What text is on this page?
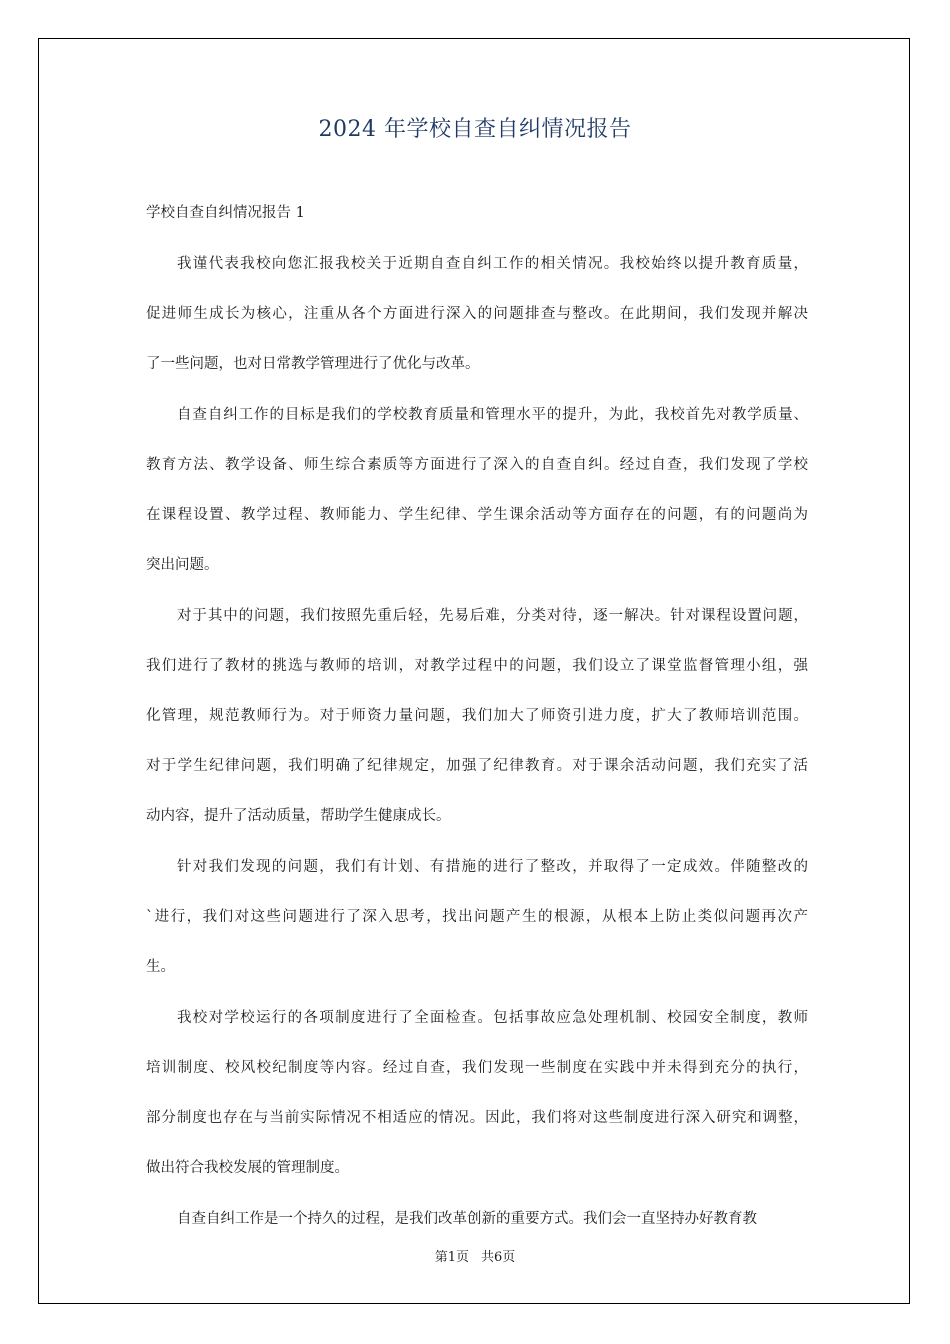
2024 年学校自查自纠情况报告
学校自查自纠情况报告 1
我谨代表我校向您汇报我校关于近期自查自纠工作的相关情况。我校始终以提升教育质量，
促进师生成长为核心，注重从各个方面进行深入的问题排查与整改。在此期间，我们发现并解决
了一些问题，也对日常教学管理进行了优化与改革。
自查自纠工作的目标是我们的学校教育质量和管理水平的提升，为此，我校首先对教学质量、
教育方法、教学设备、师生综合素质等方面进行了深入的自查自纠。经过自查，我们发现了学校
在课程设置、教学过程、教师能力、学生纪律、学生课余活动等方面存在的问题，有的问题尚为
突出问题。
对于其中的问题，我们按照先重后轻，先易后难，分类对待，逐一解决。针对课程设置问题，
我们进行了教材的挑选与教师的培训，对教学过程中的问题，我们设立了课堂监督管理小组，强
化管理，规范教师行为。对于师资力量问题，我们加大了师资引进力度，扩大了教师培训范围。
对于学生纪律问题，我们明确了纪律规定，加强了纪律教育。对于课余活动问题，我们充实了活
动内容，提升了活动质量，帮助学生健康成长。
针对我们发现的问题，我们有计划、有措施的进行了整改，并取得了一定成效。伴随整改的
`进行，我们对这些问题进行了深入思考，找出问题产生的根源，从根本上防止类似问题再次产
生。
我校对学校运行的各项制度进行了全面检查。包括事故应急处理机制、校园安全制度，教师
培训制度、校风校纪制度等内容。经过自查，我们发现一些制度在实践中并未得到充分的执行，
部分制度也存在与当前实际情况不相适应的情况。因此，我们将对这些制度进行深入研究和调整，
做出符合我校发展的管理制度。
自查自纠工作是一个持久的过程，是我们改革创新的重要方式。我们会一直坚持办好教育教
第1页 共6页
